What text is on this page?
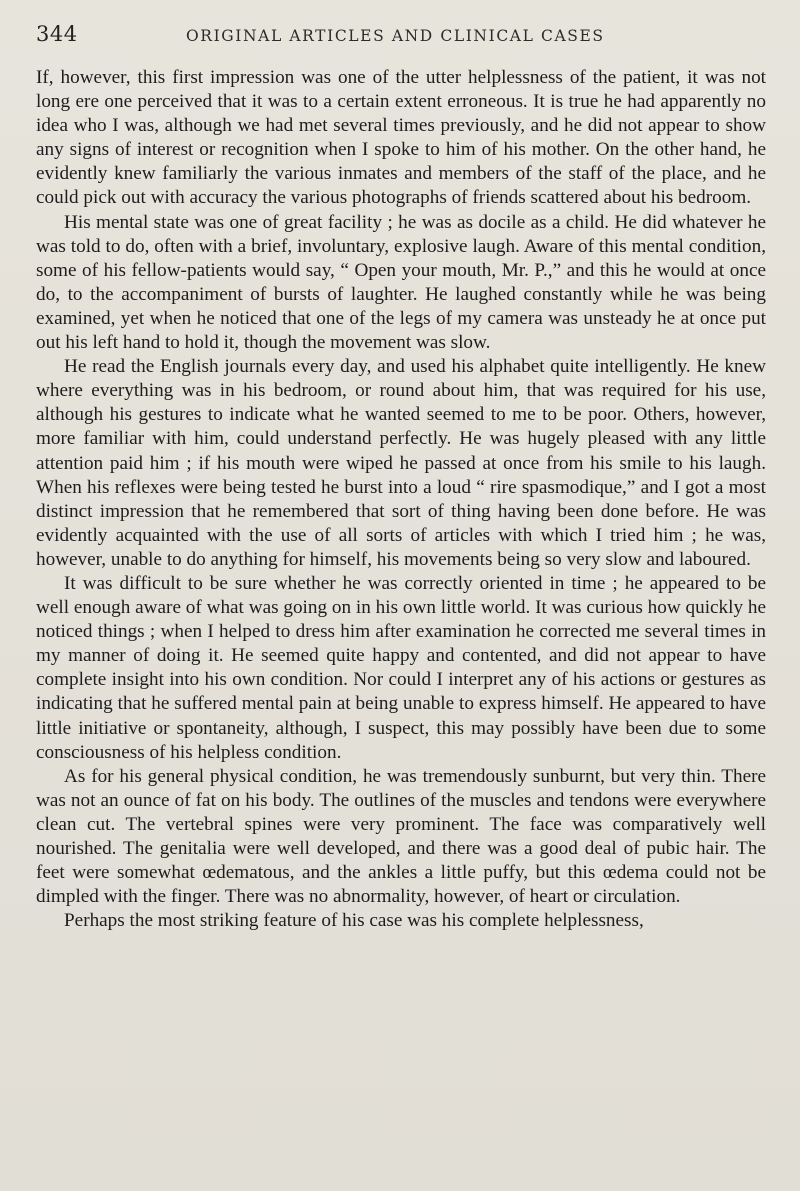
344	ORIGINAL ARTICLES AND CLINICAL CASES

If, however, this first impression was one of the utter helplessness of the patient, it was not long ere one perceived that it was to a certain extent erroneous. It is true he had apparently no idea who I was, although we had met several times previously, and he did not appear to show any signs of interest or recognition when I spoke to him of his mother. On the other hand, he evidently knew familiarly the various inmates and members of the staff of the place, and he could pick out with accuracy the various photographs of friends scattered about his bedroom.

His mental state was one of great facility ; he was as docile as a child. He did whatever he was told to do, often with a brief, involuntary, explosive laugh. Aware of this mental condition, some of his fellow-patients would say, “ Open your mouth, Mr. P.,” and this he would at once do, to the accompaniment of bursts of laughter. He laughed constantly while he was being examined, yet when he noticed that one of the legs of my camera was unsteady he at once put out his left hand to hold it, though the movement was slow.

He read the English journals every day, and used his alphabet quite intelligently. He knew where everything was in his bedroom, or round about him, that was required for his use, although his gestures to indicate what he wanted seemed to me to be poor. Others, however, more familiar with him, could understand perfectly. He was hugely pleased with any little attention paid him ; if his mouth were wiped he passed at once from his smile to his laugh. When his reflexes were being tested he burst into a loud “ rire spasmodique,” and I got a most distinct impression that he remembered that sort of thing having been done before. He was evidently acquainted with the use of all sorts of articles with which I tried him ; he was, however, unable to do anything for himself, his movements being so very slow and laboured.

It was difficult to be sure whether he was correctly oriented in time ; he appeared to be well enough aware of what was going on in his own little world. It was curious how quickly he noticed things ; when I helped to dress him after examination he corrected me several times in my manner of doing it. He seemed quite happy and contented, and did not appear to have complete insight into his own condition. Nor could I interpret any of his actions or gestures as indicating that he suffered mental pain at being unable to express himself. He appeared to have little initiative or spontaneity, although, I suspect, this may possibly have been due to some consciousness of his helpless condition.

As for his general physical condition, he was tremendously sunburnt, but very thin. There was not an ounce of fat on his body. The outlines of the muscles and tendons were everywhere clean cut. The vertebral spines were very prominent. The face was comparatively well nourished. The genitalia were well developed, and there was a good deal of pubic hair. The feet were somewhat œdematous, and the ankles a little puffy, but this œdema could not be dimpled with the finger. There was no abnormality, however, of heart or circulation.

Perhaps the most striking feature of his case was his complete helplessness,
